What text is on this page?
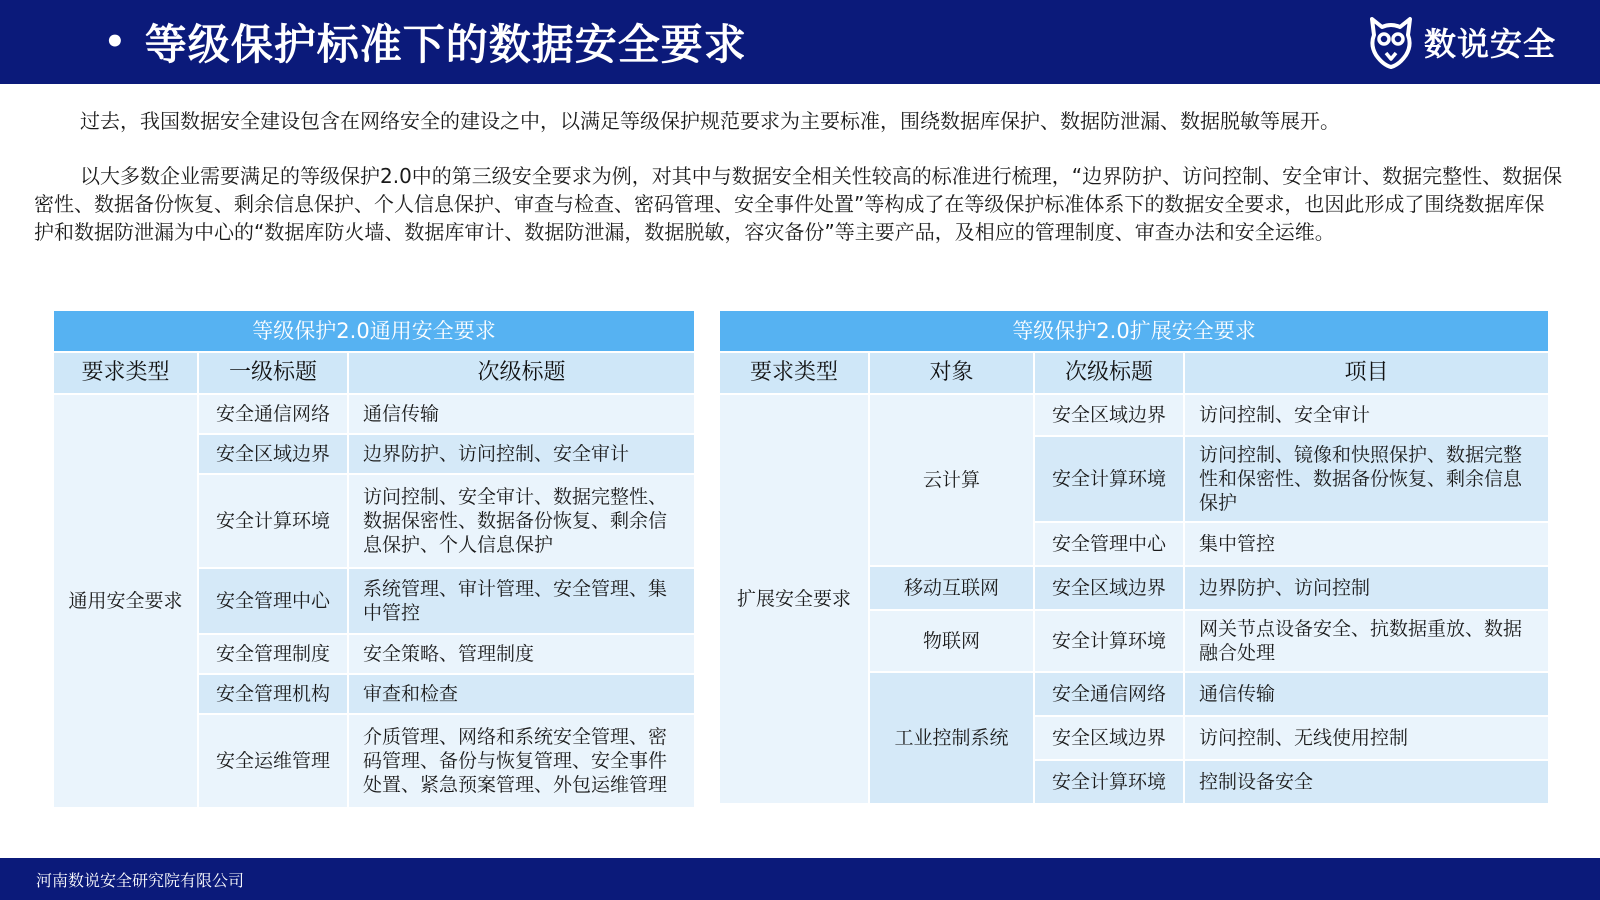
• 等级保护标准下的数据安全要求	数说安全

过去，我国数据安全建设包含在网络安全的建设之中，以满足等级保护规范要求为主要标准，围绕数据库保护、数据防泄漏、数据脱敏等展开。

以大多数企业需要满足的等级保护2.0中的第三级安全要求为例，对其中与数据安全相关性较高的标准进行梳理，“边界防护、访问控制、安全审计、数据完整性、数据保密性、数据备份恢复、剩余信息保护、个人信息保护、审查与检查、密码管理、安全事件处置”等构成了在等级保护标准体系下的数据安全要求，也因此形成了围绕数据库保护和数据防泄漏为中心的“数据库防火墙、数据库审计、数据防泄漏，数据脱敏，容灾备份”等主要产品，及相应的管理制度、审查办法和安全运维。

等级保护2.0通用安全要求		
要求类型	一级标题	次级标题
通用安全要求	安全通信网络	通信传输
	安全区域边界	边界防护、访问控制、安全审计
	安全计算环境	访问控制、安全审计、数据完整性、数据保密性、数据备份恢复、剩余信息保护、个人信息保护
	安全管理中心	系统管理、审计管理、安全管理、集中管控
	安全管理制度	安全策略、管理制度
	安全管理机构	审查和检查
	安全运维管理	介质管理、网络和系统安全管理、密码管理、备份与恢复管理、安全事件处置、紧急预案管理、外包运维管理
等级保护2.0扩展安全要求			
要求类型	对象	次级标题	项目
扩展安全要求	云计算	安全区域边界	访问控制、安全审计
		安全计算环境	访问控制、镜像和快照保护、数据完整性和保密性、数据备份恢复、剩余信息保护
		安全管理中心	集中管控
	移动互联网	安全区域边界	边界防护、访问控制
	物联网	安全计算环境	网关节点设备安全、抗数据重放、数据融合处理
	工业控制系统	安全通信网络	通信传输
		安全区域边界	访问控制、无线使用控制
		安全计算环境	控制设备安全
河南数说安全研究院有限公司
